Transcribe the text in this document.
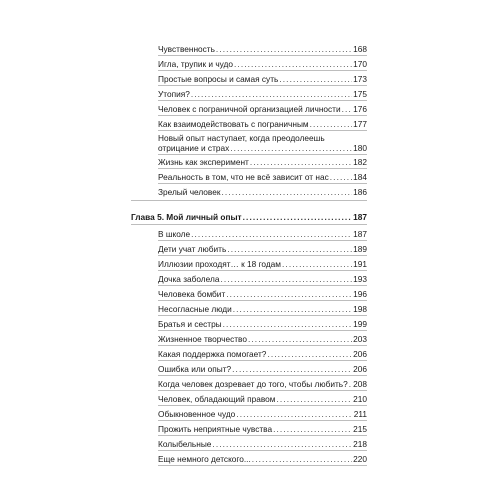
Чувственность . . .	168
Игла, трупик и чудо . . .	170
Простые вопросы и самая суть . . .	173
Утопия? . . .	175
Человек с пограничной организацией личности . . . 176
Как взаимодействовать с пограничным . . .	177
Новый опыт наступает, когда преодолеешь
отрицание и страх . . .	180
Жизнь как эксперимент . . .	182
Реальность в том, что не всё зависит от нас . . .	184
Зрелый человек . . .	186
Глава 5. Мой личный опыт . . .	187
В школе . . .	187
Дети учат любить . . .	189
Иллюзии проходят… к 18 годам . . .	191
Дочка заболела . . .	193
Человека бомбит . . .	196
Несогласные люди . . .	198
Братья и сестры . . .	199
Жизненное творчество . . .	203
Какая поддержка помогает? . . .	206
Ошибка или опыт? . . .	206
Когда человек дозревает до того, чтобы любить? . . . 208
Человек, обладающий правом . . .	210
Обыкновенное чудо . . .	211
Прожить неприятные чувства . . .	215
Колыбельные . . .	218
Еще немного детского... . . .	220
